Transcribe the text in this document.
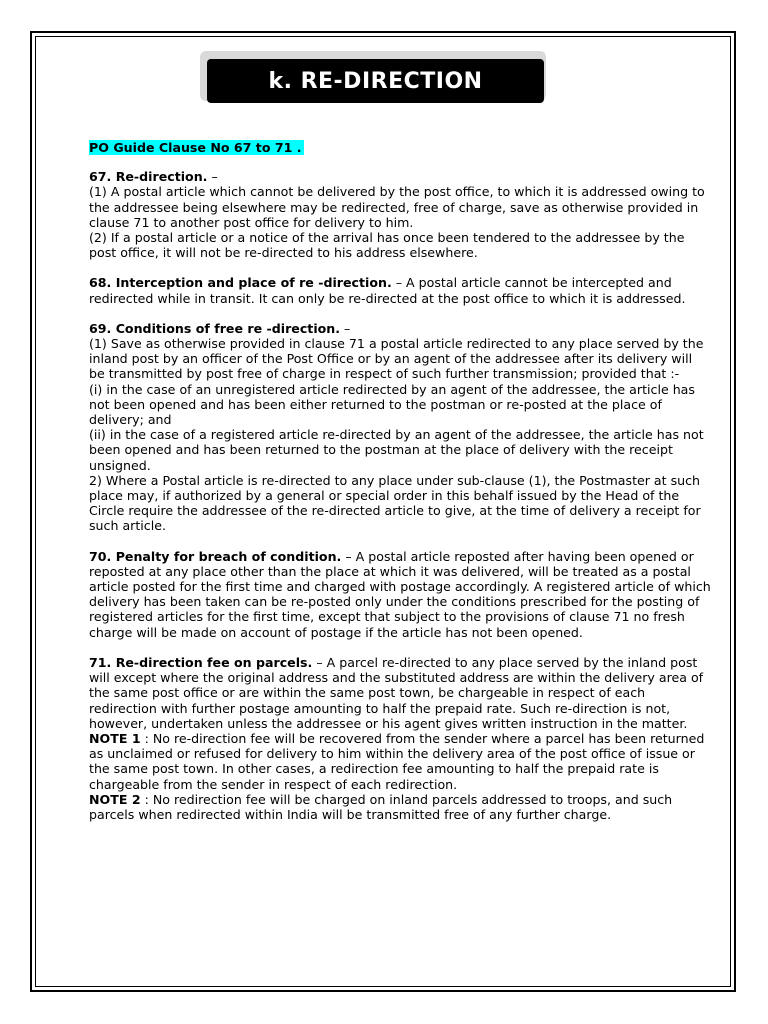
k. RE-DIRECTION
PO Guide Clause No 67 to 71 .

67. Re-direction. –

(1) A postal article which cannot be delivered by the post office, to which it is addressed owing to the addressee being elsewhere may be redirected, free of charge, save as otherwise provided in clause 71 to another post office for delivery to him.

(2) If a postal article or a notice of the arrival has once been tendered to the addressee by the post office, it will not be re-directed to his address elsewhere.

68. Interception and place of re -direction. – A postal article cannot be intercepted and redirected while in transit. It can only be re-directed at the post office to which it is addressed.

69. Conditions of free re -direction. –

(1) Save as otherwise provided in clause 71 a postal article redirected to any place served by the inland post by an officer of the Post Office or by an agent of the addressee after its delivery will be transmitted by post free of charge in respect of such further transmission; provided that :-

(i) in the case of an unregistered article redirected by an agent of the addressee, the article has not been opened and has been either returned to the postman or re-posted at the place of delivery; and

(ii) in the case of a registered article re-directed by an agent of the addressee, the article has not been opened and has been returned to the postman at the place of delivery with the receipt unsigned.

2) Where a Postal article is re-directed to any place under sub-clause (1), the Postmaster at such place may, if authorized by a general or special order in this behalf issued by the Head of the Circle require the addressee of the re-directed article to give, at the time of delivery a receipt for such article.

70. Penalty for breach of condition. – A postal article reposted after having been opened or reposted at any place other than the place at which it was delivered, will be treated as a postal article posted for the first time and charged with postage accordingly. A registered article of which delivery has been taken can be re-posted only under the conditions prescribed for the posting of registered articles for the first time, except that subject to the provisions of clause 71 no fresh charge will be made on account of postage if the article has not been opened.

71. Re-direction fee on parcels. – A parcel re-directed to any place served by the inland post will except where the original address and the substituted address are within the delivery area of the same post office or are within the same post town, be chargeable in respect of each redirection with further postage amounting to half the prepaid rate. Such re-direction is not, however, undertaken unless the addressee or his agent gives written instruction in the matter.

NOTE 1 : No re-direction fee will be recovered from the sender where a parcel has been returned as unclaimed or refused for delivery to him within the delivery area of the post office of issue or the same post town. In other cases, a redirection fee amounting to half the prepaid rate is chargeable from the sender in respect of each redirection.

NOTE 2 : No redirection fee will be charged on inland parcels addressed to troops, and such parcels when redirected within India will be transmitted free of any further charge.
